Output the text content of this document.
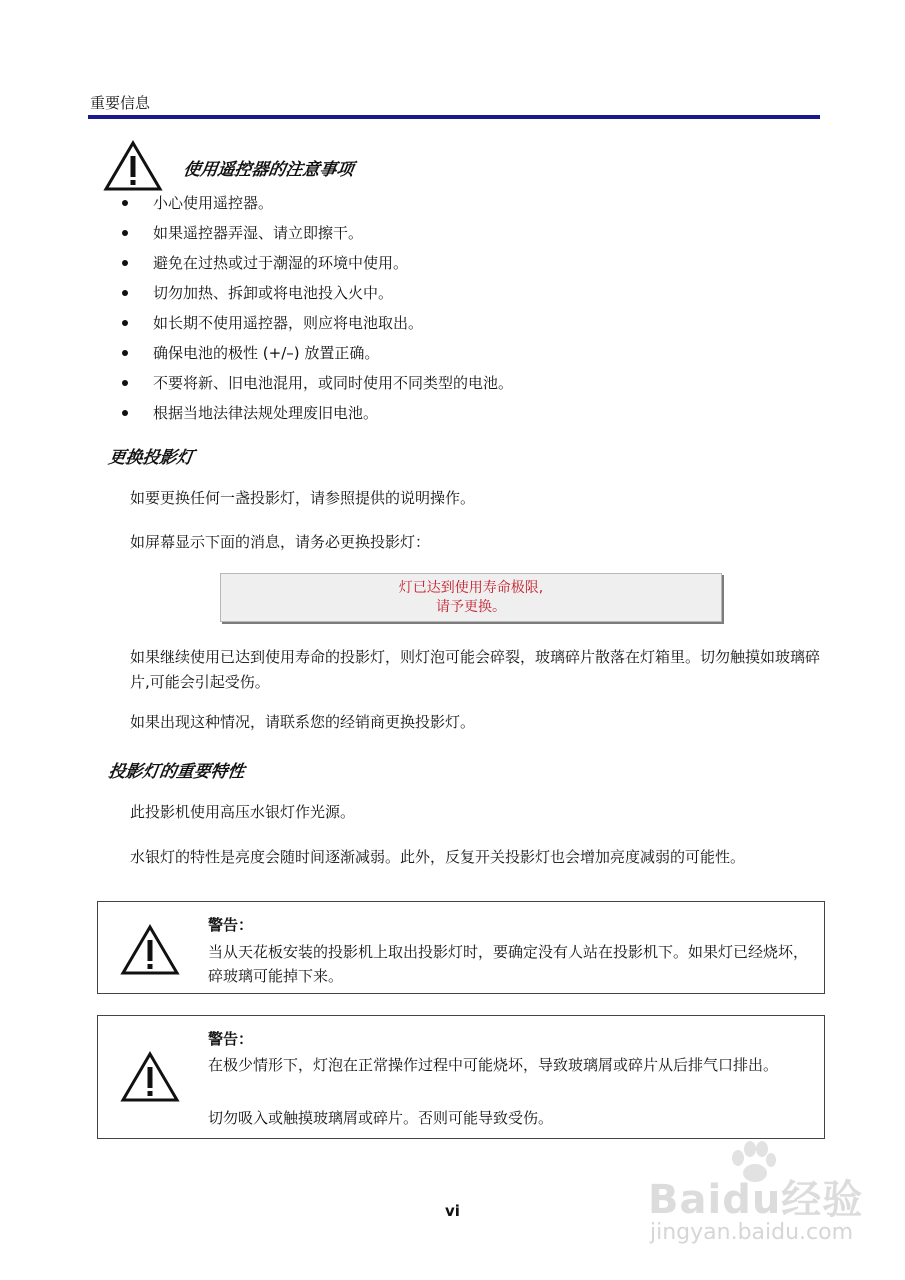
重要信息
使用遥控器的注意事项
小心使用遥控器。
如果遥控器弄湿、请立即擦干。
避免在过热或过于潮湿的环境中使用。
切勿加热、拆卸或将电池投入火中。
如长期不使用遥控器，则应将电池取出。
确保电池的极性 (+/–) 放置正确。
不要将新、旧电池混用，或同时使用不同类型的电池。
根据当地法律法规处理废旧电池。
更换投影灯
如要更换任何一盏投影灯，请参照提供的说明操作。
如屏幕显示下面的消息，请务必更换投影灯：
灯已达到使用寿命极限,
请予更换。
如果继续使用已达到使用寿命的投影灯，则灯泡可能会碎裂，玻璃碎片散落在灯箱里。切勿触摸如玻璃碎片,可能会引起受伤。
如果出现这种情况，请联系您的经销商更换投影灯。
投影灯的重要特性
此投影机使用高压水银灯作光源。
水银灯的特性是亮度会随时间逐渐减弱。此外，反复开关投影灯也会增加亮度减弱的可能性。
警告：
当从天花板安装的投影机上取出投影灯时，要确定没有人站在投影机下。如果灯已经烧坏，碎玻璃可能掉下来。
警告：
在极少情形下，灯泡在正常操作过程中可能烧坏，导致玻璃屑或碎片从后排气口排出。
切勿吸入或触摸玻璃屑或碎片。否则可能导致受伤。
vi	Baidu经验
jingyan.baidu.com
